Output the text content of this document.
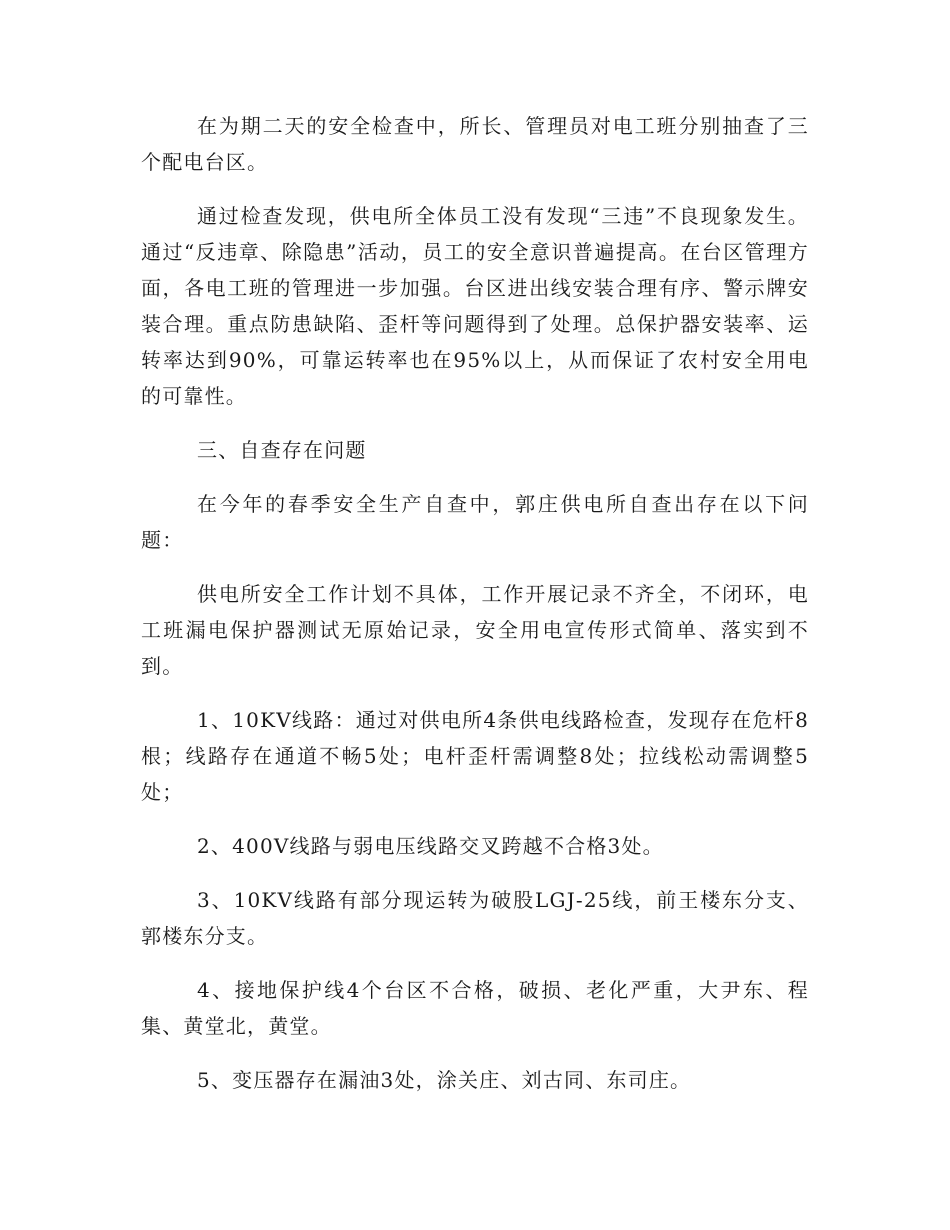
在为期二天的安全检查中，所长、管理员对电工班分别抽查了三个配电台区。

通过检查发现，供电所全体员工没有发现“三违”不良现象发生。通过“反违章、除隐患”活动，员工的安全意识普遍提高。在台区管理方面，各电工班的管理进一步加强。台区进出线安装合理有序、警示牌安装合理。重点防患缺陷、歪杆等问题得到了处理。总保护器安装率、运转率达到90%，可靠运转率也在95%以上，从而保证了农村安全用电的可靠性。

三、自查存在问题

在今年的春季安全生产自查中，郭庄供电所自查出存在以下问题：

供电所安全工作计划不具体，工作开展记录不齐全，不闭环，电工班漏电保护器测试无原始记录，安全用电宣传形式简单、落实到不到。

1、10KV线路：通过对供电所4条供电线路检查，发现存在危杆8根；线路存在通道不畅5处；电杆歪杆需调整8处；拉线松动需调整5处；

2、400V线路与弱电压线路交叉跨越不合格3处。

3、10KV线路有部分现运转为破股LGJ-25线，前王楼东分支、郭楼东分支。

4、接地保护线4个台区不合格，破损、老化严重，大尹东、程集、黄堂北，黄堂。

5、变压器存在漏油3处，涂关庄、刘古同、东司庄。
